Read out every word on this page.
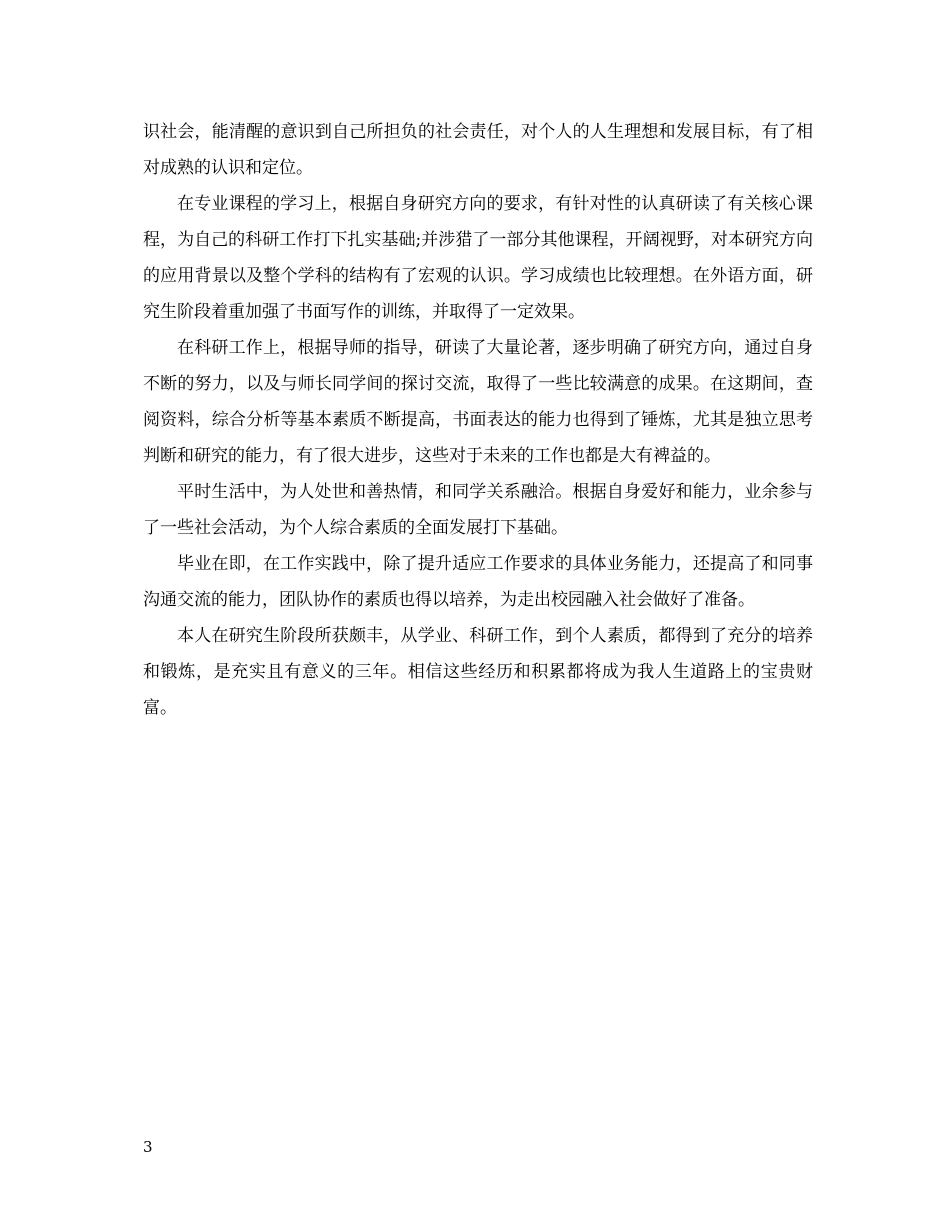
识社会，能清醒的意识到自己所担负的社会责任，对个人的人生理想和发展目标，有了相对成熟的认识和定位。

在专业课程的学习上，根据自身研究方向的要求，有针对性的认真研读了有关核心课程，为自己的科研工作打下扎实基础;并涉猎了一部分其他课程，开阔视野，对本研究方向的应用背景以及整个学科的结构有了宏观的认识。学习成绩也比较理想。在外语方面，研究生阶段着重加强了书面写作的训练，并取得了一定效果。

在科研工作上，根据导师的指导，研读了大量论著，逐步明确了研究方向，通过自身不断的努力，以及与师长同学间的探讨交流，取得了一些比较满意的成果。在这期间，查阅资料，综合分析等基本素质不断提高，书面表达的能力也得到了锤炼，尤其是独立思考判断和研究的能力，有了很大进步，这些对于未来的工作也都是大有裨益的。

平时生活中，为人处世和善热情，和同学关系融洽。根据自身爱好和能力，业余参与了一些社会活动，为个人综合素质的全面发展打下基础。

毕业在即，在工作实践中，除了提升适应工作要求的具体业务能力，还提高了和同事沟通交流的能力，团队协作的素质也得以培养，为走出校园融入社会做好了准备。

本人在研究生阶段所获颇丰，从学业、科研工作，到个人素质，都得到了充分的培养和锻炼，是充实且有意义的三年。相信这些经历和积累都将成为我人生道路上的宝贵财富。

3
